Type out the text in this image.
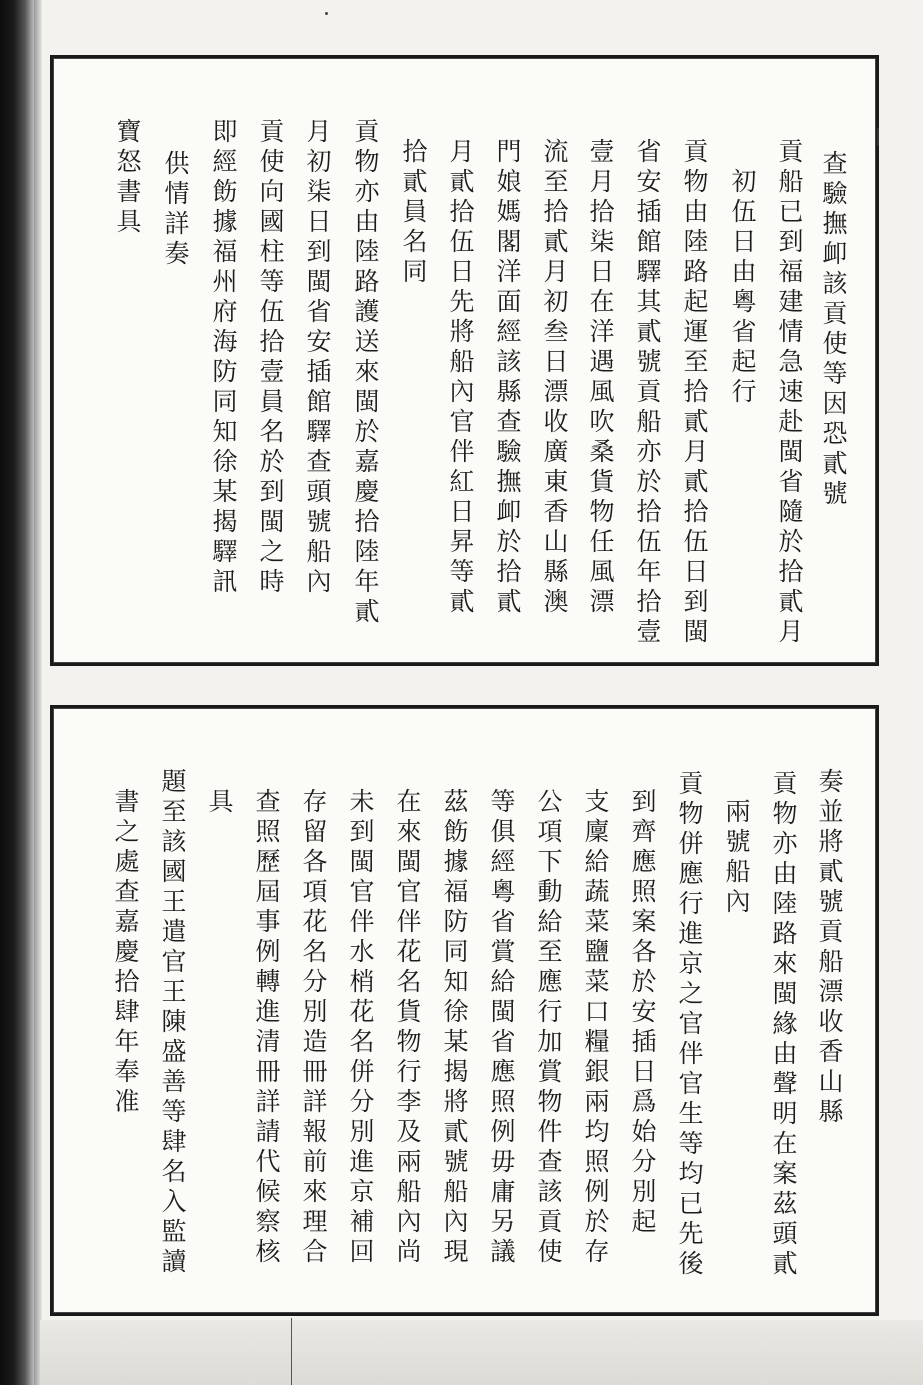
查驗撫卹該貢使等因恐貳號
貢船已到福建情急速赴閩省隨於拾貳月
初伍日由粵省起行
貢物由陸路起運至拾貳月貳拾伍日到閩
省安插館驛其貳號貢船亦於拾伍年拾壹
壹月拾柒日在洋遇風吹桑貨物任風漂
流至拾貳月初叁日漂收廣東香山縣澳
門娘媽閣洋面經該縣查驗撫卹於拾貳
月貳拾伍日先將船內官伴紅日昇等貳
拾貳員名同
貢物亦由陸路護送來閩於嘉慶拾陸年貳
月初柒日到閩省安插館驛查頭號船內
貢使向國柱等伍拾壹員名於到閩之時
即經飭據福州府海防同知徐某揭驛訊
供情詳奏
寶怒書具
奏並將貳號貢船漂收香山縣
貢物亦由陸路來閩緣由聲明在案茲頭貳
兩號船內
貢物併應行進京之官伴官生等均已先後
到齊應照案各於安插日爲始分別起
支廩給蔬菜鹽菜口糧銀兩均照例於存
公項下動給至應行加賞物件查該貢使
等俱經粵省賞給閩省應照例毋庸另議
茲飭據福防同知徐某揭將貳號船內現
在來閩官伴花名貨物行李及兩船內尚
未到閩官伴水梢花名併分別進京補回
存留各項花名分別造冊詳報前來理合
查照歷屆事例轉進清冊詳請代候察核
具
題至該國王遣官王陳盛善等肆名入監讀
書之處查嘉慶拾肆年奉准
